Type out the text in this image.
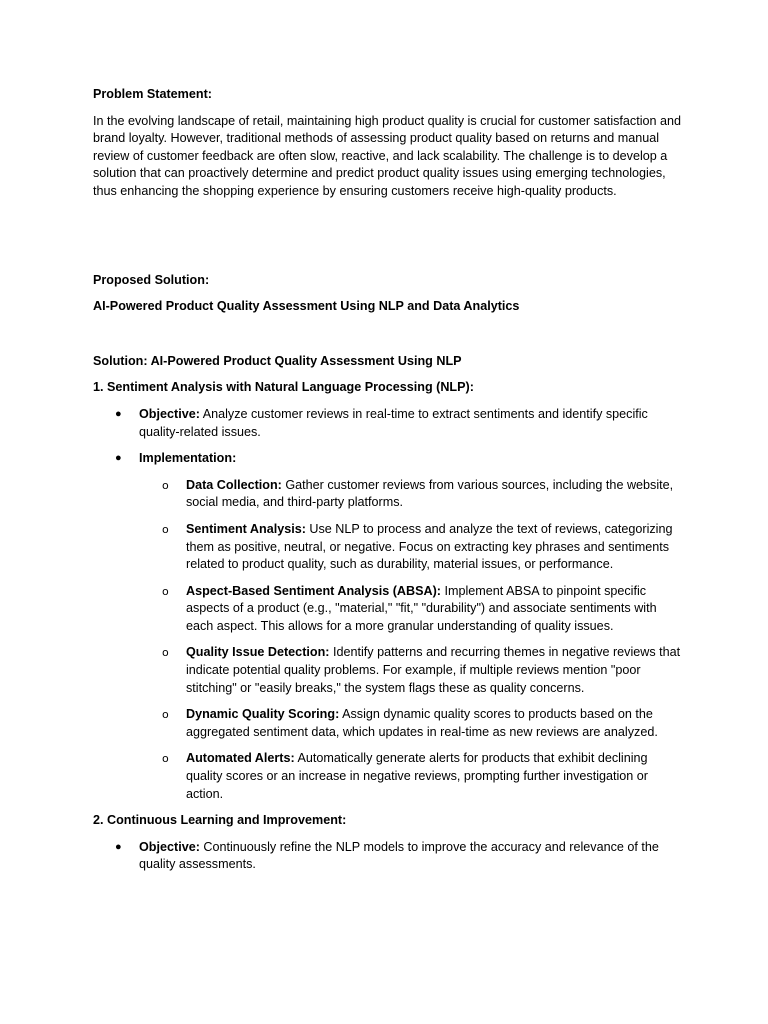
Problem Statement:

In the evolving landscape of retail, maintaining high product quality is crucial for customer satisfaction and brand loyalty. However, traditional methods of assessing product quality based on returns and manual review of customer feedback are often slow, reactive, and lack scalability. The challenge is to develop a solution that can proactively determine and predict product quality issues using emerging technologies, thus enhancing the shopping experience by ensuring customers receive high-quality products.

Proposed Solution:

AI-Powered Product Quality Assessment Using NLP and Data Analytics

Solution: AI-Powered Product Quality Assessment Using NLP

1. Sentiment Analysis with Natural Language Processing (NLP):

● Objective: Analyze customer reviews in real-time to extract sentiments and identify specific quality-related issues.
● Implementation:
o Data Collection: Gather customer reviews from various sources, including the website, social media, and third-party platforms.
o Sentiment Analysis: Use NLP to process and analyze the text of reviews, categorizing them as positive, neutral, or negative. Focus on extracting key phrases and sentiments related to product quality, such as durability, material issues, or performance.
o Aspect-Based Sentiment Analysis (ABSA): Implement ABSA to pinpoint specific aspects of a product (e.g., "material," "fit," "durability") and associate sentiments with each aspect. This allows for a more granular understanding of quality issues.
o Quality Issue Detection: Identify patterns and recurring themes in negative reviews that indicate potential quality problems. For example, if multiple reviews mention "poor stitching" or "easily breaks," the system flags these as quality concerns.
o Dynamic Quality Scoring: Assign dynamic quality scores to products based on the aggregated sentiment data, which updates in real-time as new reviews are analyzed.
o Automated Alerts: Automatically generate alerts for products that exhibit declining quality scores or an increase in negative reviews, prompting further investigation or action.

2. Continuous Learning and Improvement:

● Objective: Continuously refine the NLP models to improve the accuracy and relevance of the quality assessments.
